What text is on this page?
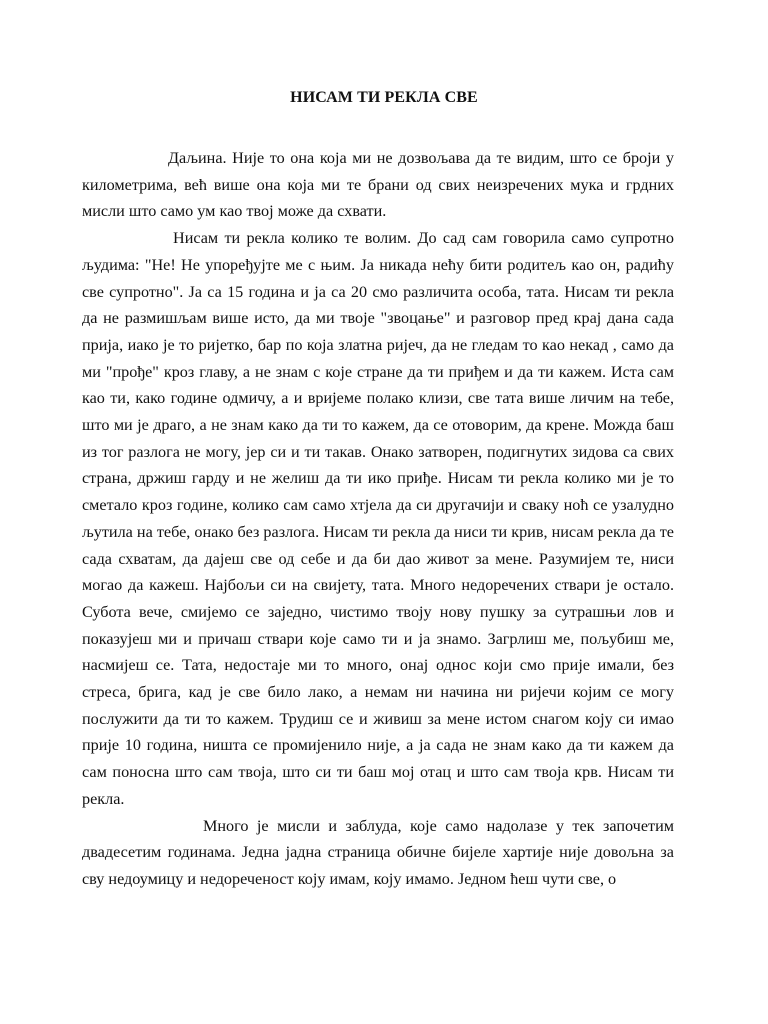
НИСАМ ТИ РЕКЛА СВЕ

Даљина. Није то она која ми не дозвољава да те видим, што се броји у километрима, већ више она која ми те брани од свих неизречених мука и грдних мисли што само ум као твој може да схвати.

Нисам ти рекла колико те волим. До сад сам говорила само супротно људима: "Не! Не упоређујте ме с њим. Ја никада нећу бити родитељ као он, радићу све супротно". Ја са 15 година и ја са 20 смо различита особа, тата. Нисам ти рекла да не размишљам више исто, да ми твоје "звоцање" и разговор пред крај дана сада прија, иако је то ријетко, бар по која златна ријеч, да не гледам то као некад , само да ми "прође" кроз главу, а не знам с које стране да ти приђем и да ти кажем. Иста сам као ти, како године одмичу, а и вријеме полако клизи, све тата више личим на тебе, што ми је драго, а не знам како да ти то кажем, да се отоворим, да крене. Можда баш из тог разлога не могу, јер си и ти такав. Онако затворен, подигнутих зидова са свих страна, држиш гарду и не желиш да ти ико приђе. Нисам ти рекла колико ми је то сметало кроз године, колико сам само хтјела да си другачији и сваку ноћ се узалудно љутила на тебе, онако без разлога. Нисам ти рекла да ниси ти крив, нисам рекла да те сада схватам, да дајеш све од себе и да би дао живот за мене. Разумијем те, ниси могао да кажеш. Најбољи си на свијету, тата. Много недоречених ствари је остало. Субота вече, смијемо се заједно, чистимо твоју нову пушку за сутрашњи лов и показујеш ми и причаш ствари које само ти и ја знамо. Загрлиш ме, пољубиш ме, насмијеш се. Тата, недостаје ми то много, онај однос који смо прије имали, без стреса, брига, кад је све било лако, а немам ни начина ни ријечи којим се могу послужити да ти то кажем. Трудиш се и живиш за мене истом снагом коју си имао прије 10 година, ништа се промијенило није, а ја сада не знам како да ти кажем да сам поносна што сам твоја, што си ти баш мој отац и што сам твоја крв. Нисам ти рекла.

Много је мисли и заблуда, које само надолазе у тек започетим двадесетим годинама. Једна јадна страница обичне бијеле хартије није довољна за сву недоумицу и недореченост коју имам, коју имамо. Једном ћеш чути све, о
